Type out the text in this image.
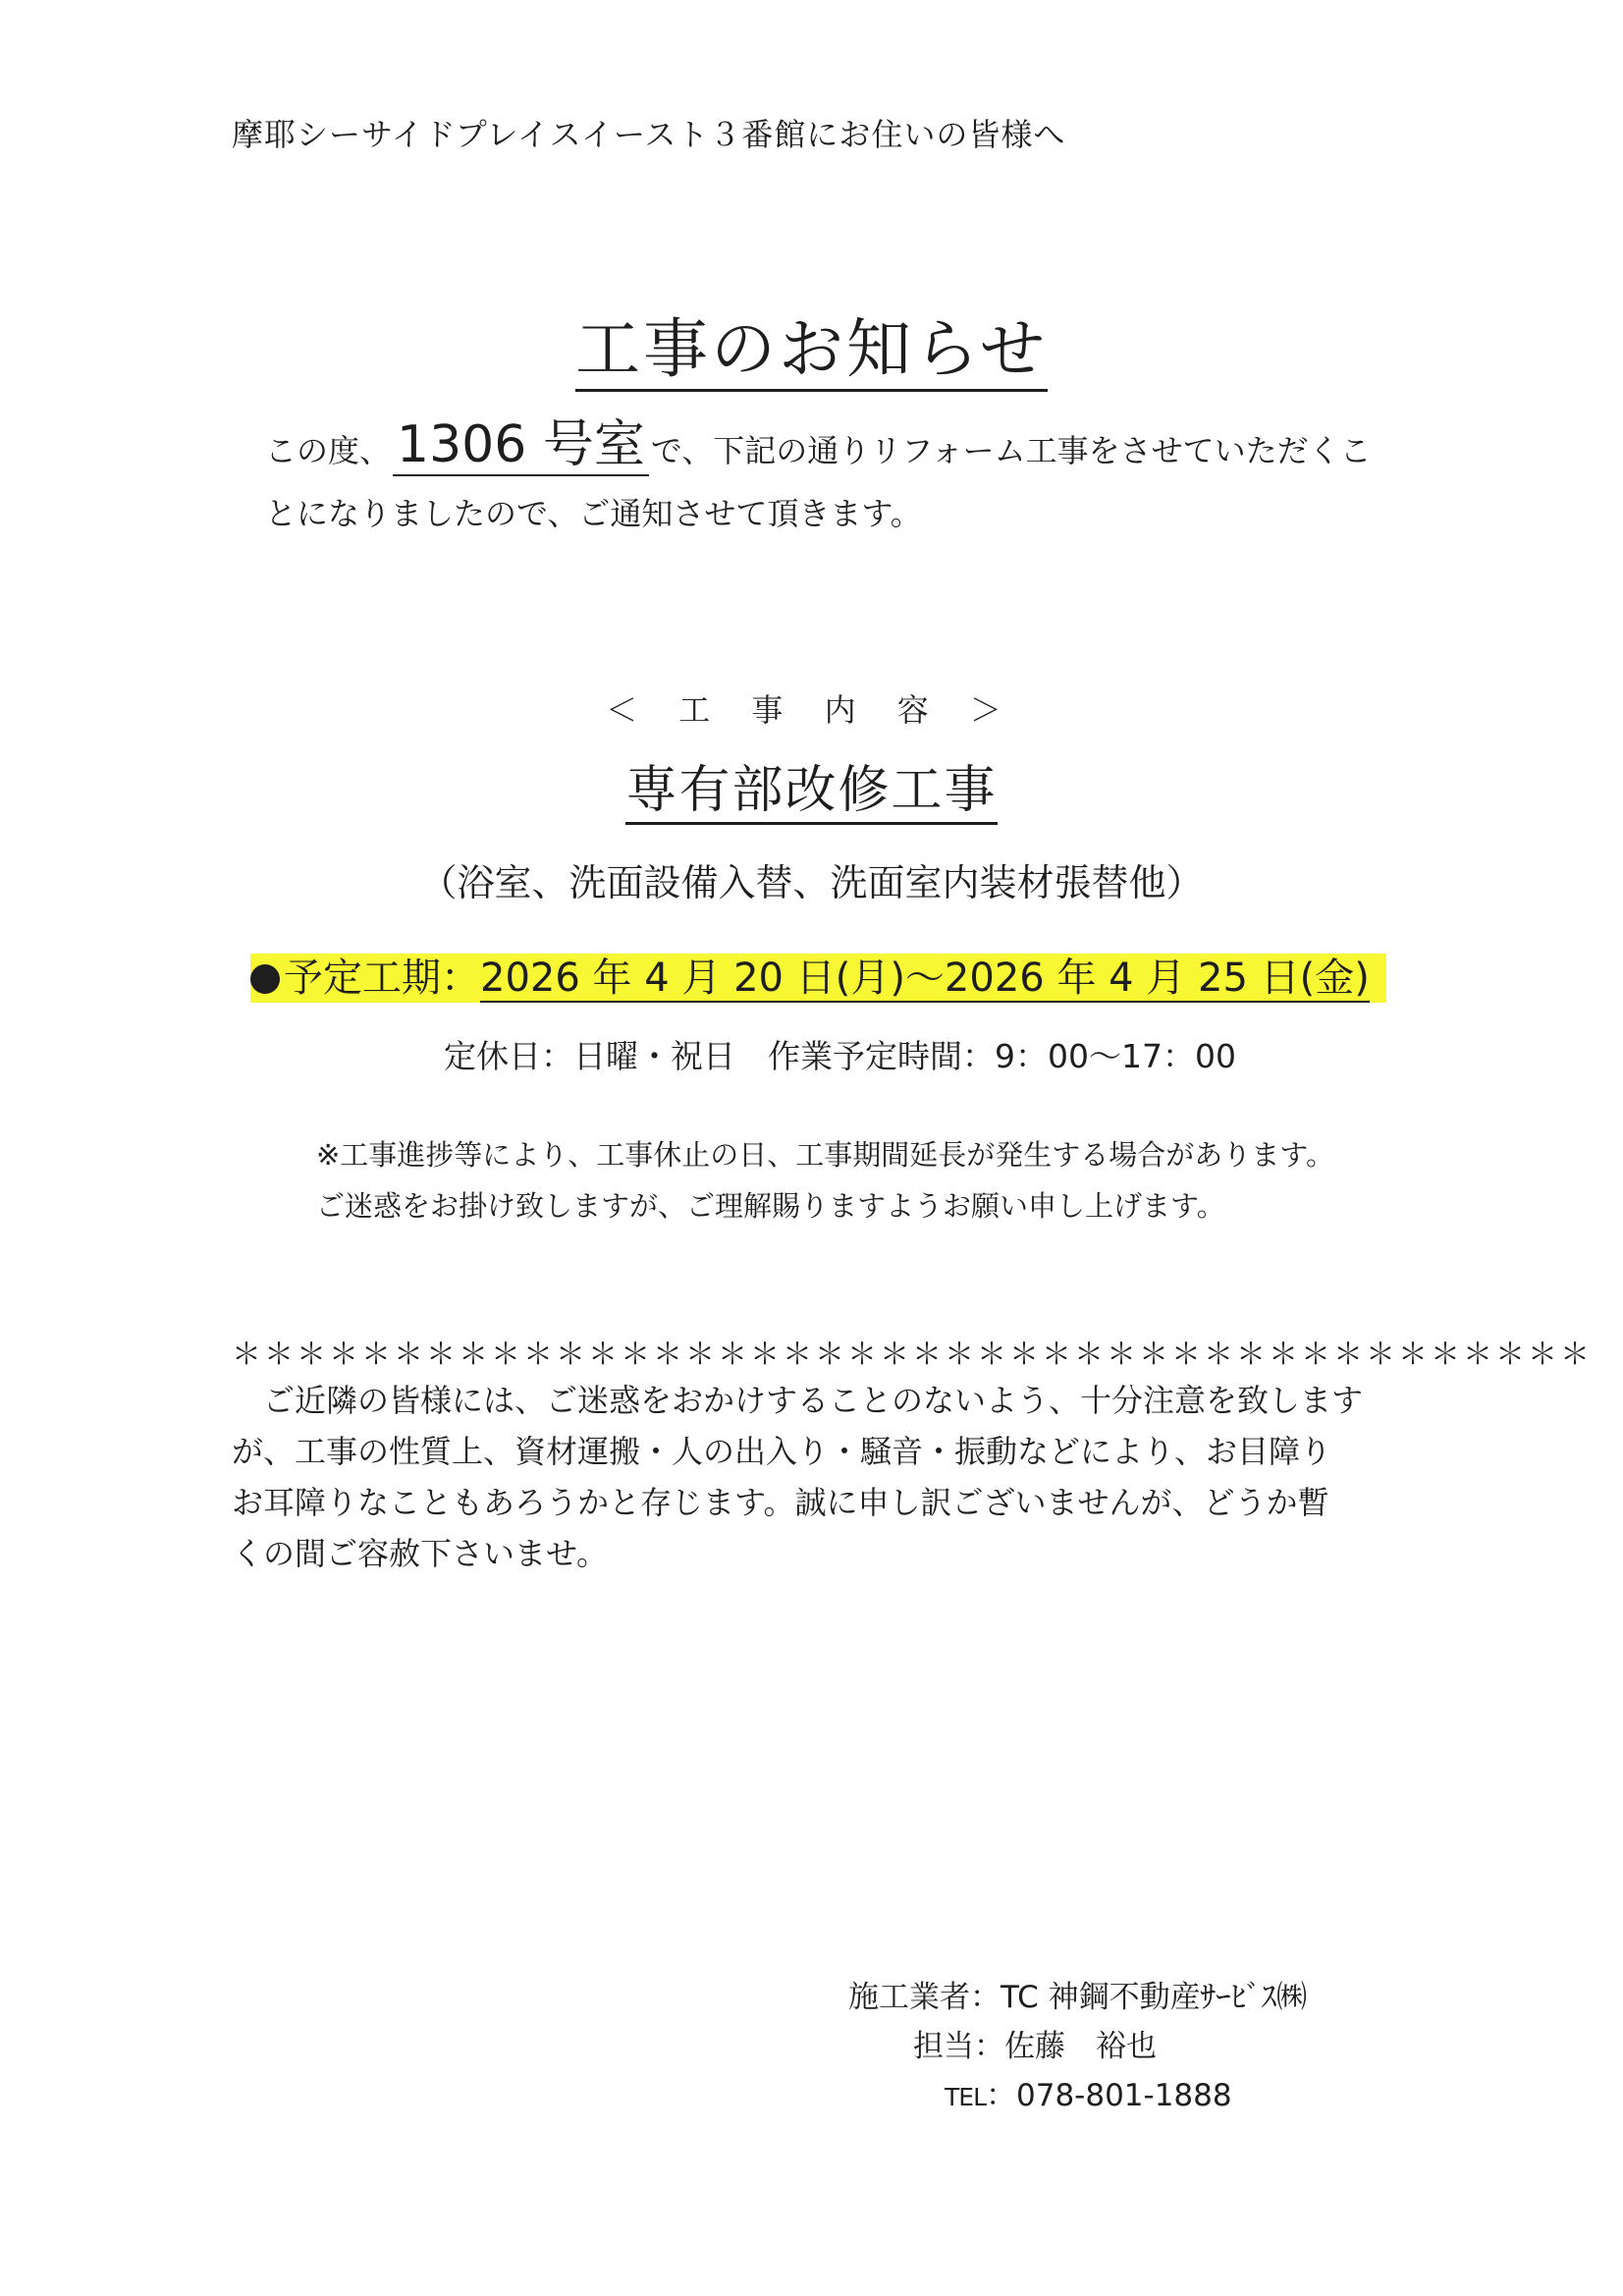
摩耶シーサイドプレイスイースト３番館にお住いの皆様へ
工事のお知らせ
この度、 1306 号室 で、下記の通りリフォーム工事をさせていただくこ
とになりましたので、ご通知させて頂きます。
＜ 工 事 内 容 ＞
専有部改修工事
（浴室、洗面設備入替、洗面室内装材張替他）
予定工期：2026 年 4 月 20 日(月)～2026 年 4 月 25 日(金)
定休日：日曜・祝日　作業予定時間：9：00～17：00
※工事進捗等により、工事休止の日、工事期間延長が発生する場合があります。
ご迷惑をお掛け致しますが、ご理解賜りますようお願い申し上げます。
＊＊＊＊＊＊＊＊＊＊＊＊＊＊＊＊＊＊＊＊＊＊＊＊＊＊＊＊＊＊＊＊＊＊＊＊＊＊＊＊＊＊

　ご近隣の皆様には、ご迷惑をおかけすることのないよう、十分注意を致します

が、工事の性質上、資材運搬・人の出入り・騒音・振動などにより、お目障り

お耳障りなこともあろうかと存じます。誠に申し訳ございませんが、どうか暫

くの間ご容赦下さいませ。

施工業者：TC 神鋼不動産ｻｰﾋﾞｽ㈱
担当：佐藤　裕也
TEL：078-801-1888
